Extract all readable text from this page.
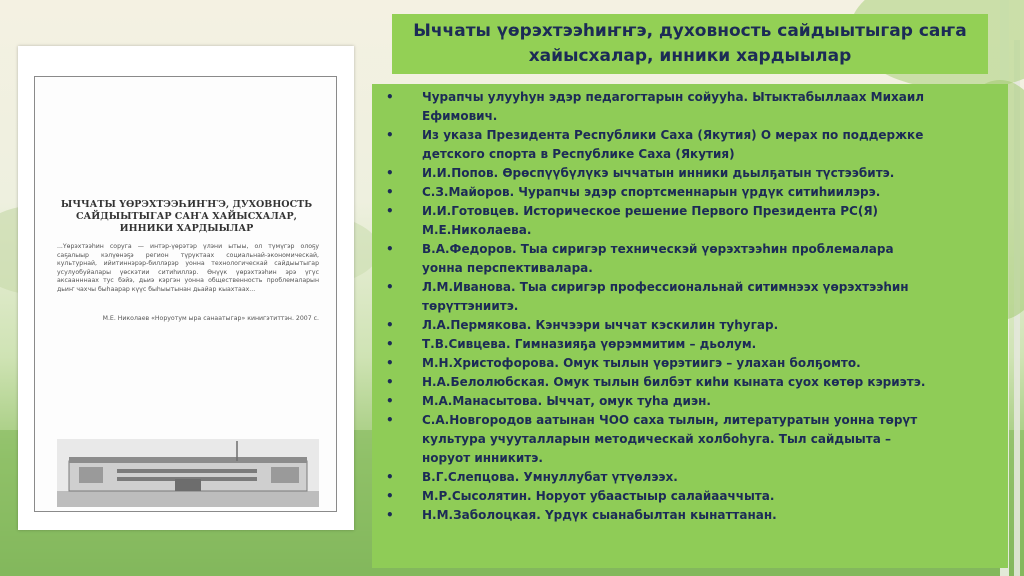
ЫЧЧАТЫ ҮӨРЭХТЭЭҺИҤҤЭ, ДУХОВНОСТЬ
САЙДЫЫТЫГАР САҤА ХАЙЫСХАЛАР,
ИННИКИ ХАРДЫЫЛАР
...Үөрэхтээһин соруга — интэр-үөрэтэр үлэни ытыы, ол түмүгэр олоҕу саҕалыыр кэлүөнэҕэ регион түрүктаах социальнай-экономическай, культурнай, ийитиннэрэр-биллэрэр уонна технологическай сайдыытыгар усулуобуйалары үөскэтии ситиһиллэр. Өнүүк үөрэхтээһин эрэ үгүс аксаанннаах тус бэйэ, дьиэ кэргэн уонна общественность проблемаларын дьиҥ чахчы быһаарар күүс быһыытынан дьайар кыахтаах...
М.Е. Николаев «Норуотум ыра санаатыгар» кинигэтиттэн. 2007 с.
Ыччаты үөрэхтээһиҥҥэ, духовность сайдыытыгар саҥа
хайысхалар, инники хардыылар
• Чурапчы улууһун эдэр педагогтарын сойууһа. Ытыктабыллаах Михаил
Ефимович.
• Из указа Президента Республики Саха (Якутия) О мерах по поддержке
детского спорта в Республике Саха (Якутия)
• И.И.Попов. Өрөспүүбүлүкэ ыччатын инники дьылҕатын түстээбитэ.
• С.З.Майоров. Чурапчы эдэр спортсменнарын үрдүк ситиһиилэрэ.
• И.И.Готовцев. Историческое решение Первого Президента РС(Я)
М.Е.Николаева.
• В.А.Федоров. Тыа сиригэр техническэй үөрэхтээһин проблемалара
уонна перспективалара.
• Л.М.Иванова. Тыа сиригэр профессиональнай ситимнээх үөрэхтээһин
төрүттэниитэ.
• Л.А.Пермякова. Кэнчээри ыччат кэскилин туһугар.
• Т.В.Сивцева. Гимназияҕа үөрэммитим – дьолум.
• М.Н.Христофорова. Омук тылын үөрэтиигэ – улахан болҕомто.
• Н.А.Белолюбская. Омук тылын билбэт киһи кыната суох көтөр кэриэтэ.
• М.А.Манасытова. Ыччат, омук туһа диэн.
• С.А.Новгородов аатынан ЧОО саха тылын, литературатын уонна төрүт
культура учууталларын методическай холбоһуга. Тыл сайдыыта –
норуот инникитэ.
• В.Г.Слепцова. Умнуллубат үтүөлээх.
• М.Р.Сысолятин. Норуот убаастыыр салайааччыта.
• Н.М.Заболоцкая. Үрдүк сыанабылтан кынаттанан.
